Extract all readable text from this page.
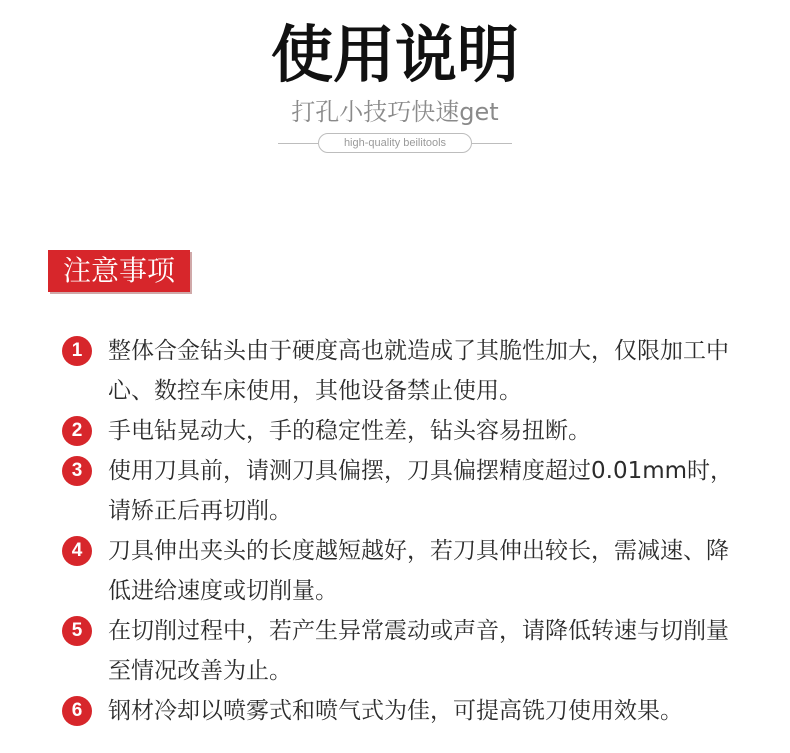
使用说明
打孔小技巧快速get
high-quality beilitools
注意事项
1	整体合金钻头由于硬度高也就造成了其脆性加大，仅限加工中
心、数控车床使用，其他设备禁止使用。
2	手电钻晃动大，手的稳定性差，钻头容易扭断。
3	使用刀具前，请测刀具偏摆，刀具偏摆精度超过0.01mm时，
请矫正后再切削。
4	刀具伸出夹头的长度越短越好，若刀具伸出较长，需减速、降
低进给速度或切削量。
5	在切削过程中，若产生异常震动或声音，请降低转速与切削量
至情况改善为止。
6	钢材冷却以喷雾式和喷气式为佳，可提高铣刀使用效果。
